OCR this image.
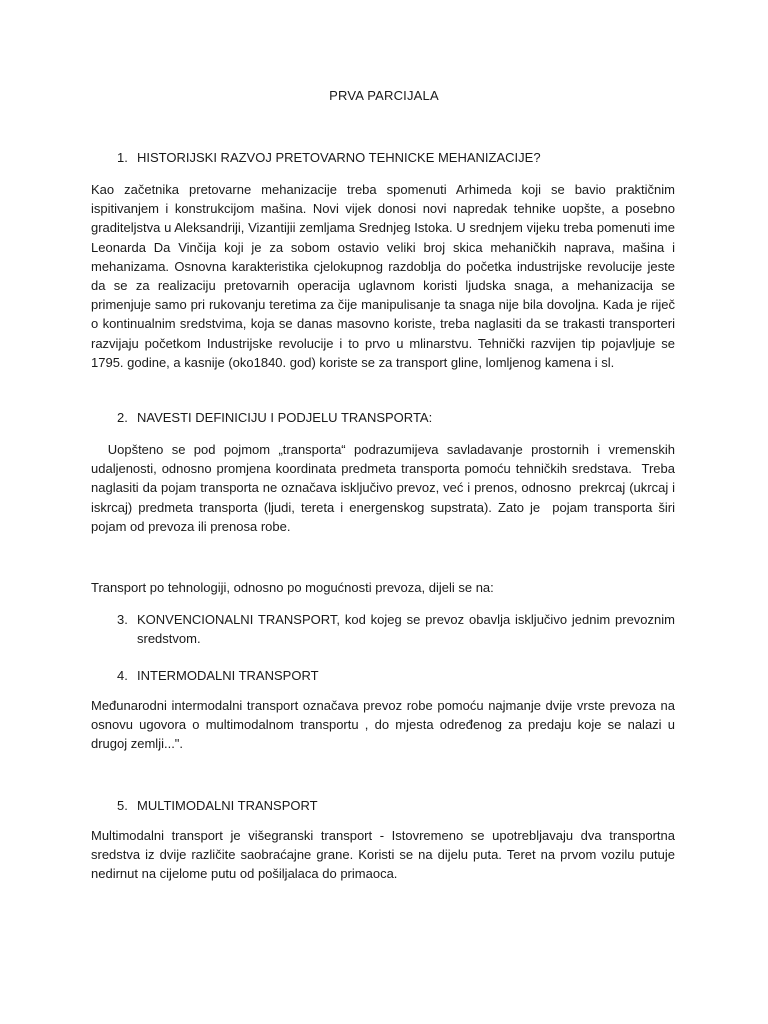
PRVA PARCIJALA
1. HISTORIJSKI RAZVOJ PRETOVARNO TEHNICKE MEHANIZACIJE?

Kao začetnika pretovarne mehanizacije treba spomenuti Arhimeda koji se bavio praktičnim ispitivanjem i konstrukcijom mašina. Novi vijek donosi novi napredak tehnike uopšte, a posebno graditeljstva u Aleksandriji, Vizantijii zemljama Srednjeg Istoka. U srednjem vijeku treba pomenuti ime Leonarda Da Vinčija koji je za sobom ostavio veliki broj skica mehaničkih naprava, mašina i mehanizama. Osnovna karakteristika cjelokupnog razdoblja do početka industrijske revolucije jeste da se za realizaciju pretovarnih operacija uglavnom koristi ljudska snaga, a mehanizacija se primenjuje samo pri rukovanju teretima za čije manipulisanje ta snaga nije bila dovoljna. Kada je riječ o kontinualnim sredstvima, koja se danas masovno koriste, treba naglasiti da se trakasti transporteri razvijaju početkom Industrijske revolucije i to prvo u mlinarstvu. Tehnički razvijen tip pojavljuje se 1795. godine, a kasnije (oko1840. god) koriste se za transport gline, lomljenog kamena i sl.

2. NAVESTI DEFINICIJU I PODJELU TRANSPORTA:

Uopšteno se pod pojmom „transporta“ podrazumijeva savladavanje prostornih i vremenskih udaljenosti, odnosno promjena koordinata predmeta transporta pomoću tehničkih sredstava.  Treba naglasiti da pojam transporta ne označava isključivo prevoz, već i prenos, odnosno  prekrcaj (ukrcaj i iskrcaj) predmeta transporta (ljudi, tereta i energenskog supstrata). Zato je  pojam transporta širi pojam od prevoza ili prenosa robe.

Transport po tehnologiji, odnosno po mogućnosti prevoza, dijeli se na:

3. KONVENCIONALNI TRANSPORT, kod kojeg se prevoz obavlja isključivo jednim prevoznim sredstvom.
4. INTERMODALNI TRANSPORT

Međunarodni intermodalni transport označava prevoz robe pomoću najmanje dvije vrste prevoza na osnovu ugovora o multimodalnom transportu , do mjesta određenog za predaju koje se nalazi u drugoj zemlji...".

5. MULTIMODALNI TRANSPORT

Multimodalni transport je višegranski transport - Istovremeno se upotrebljavaju dva transportna sredstva iz dvije različite saobraćajne grane. Koristi se na dijelu puta. Teret na prvom vozilu putuje nedirnut na cijelome putu od pošiljalaca do primaoca.
